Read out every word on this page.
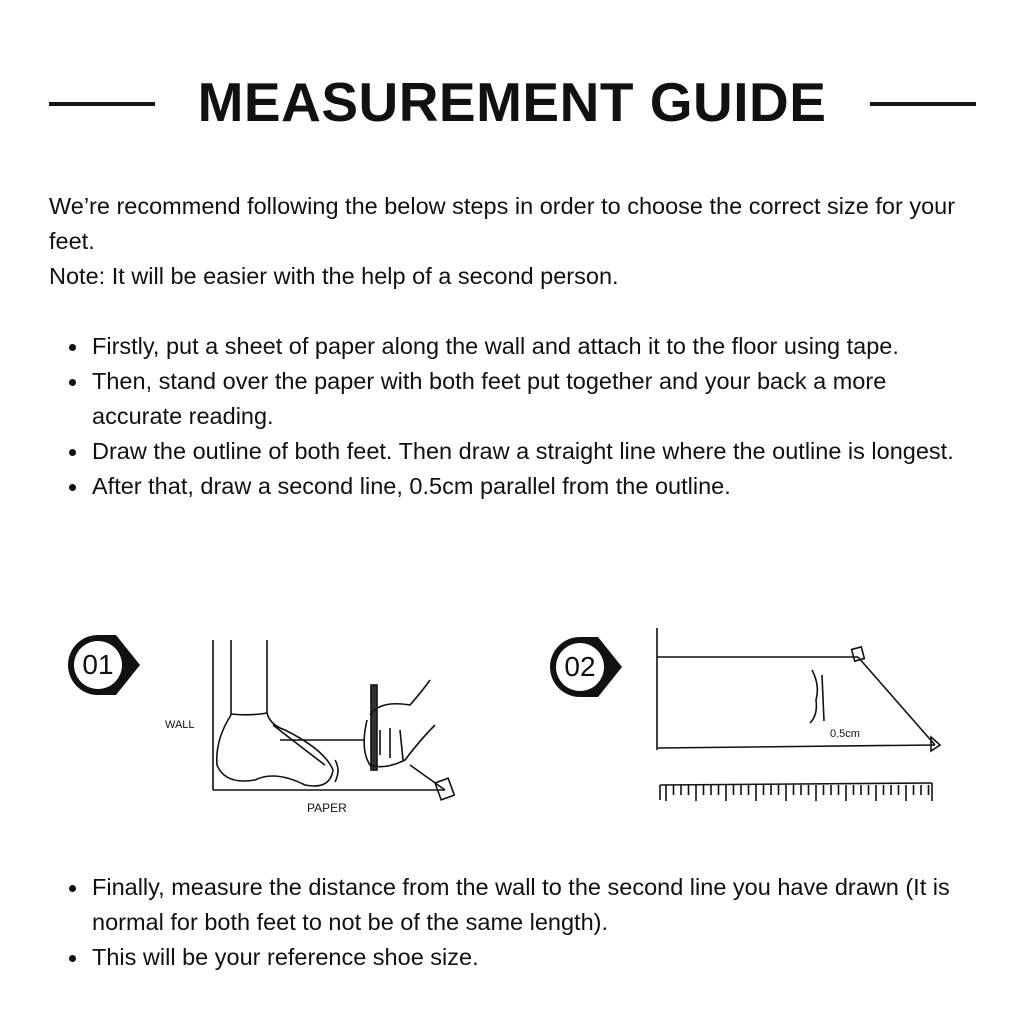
MEASUREMENT GUIDE
We’re recommend following the below steps in order to choose the correct size for your feet.
Note: It will be easier with the help of a second person.
Firstly, put a sheet of paper along the wall and attach it to the floor using tape.
Then, stand over the paper with both feet put together and your back a more accurate reading.
Draw the outline of both feet. Then draw a straight line where the outline is longest.
After that, draw a second line, 0.5cm parallel from the outline.
01
WALL
PAPER
02
0.5cm
Finally, measure the distance from the wall to the second line you have drawn (It is normal for both feet to not be of the same length).
This will be your reference shoe size.
